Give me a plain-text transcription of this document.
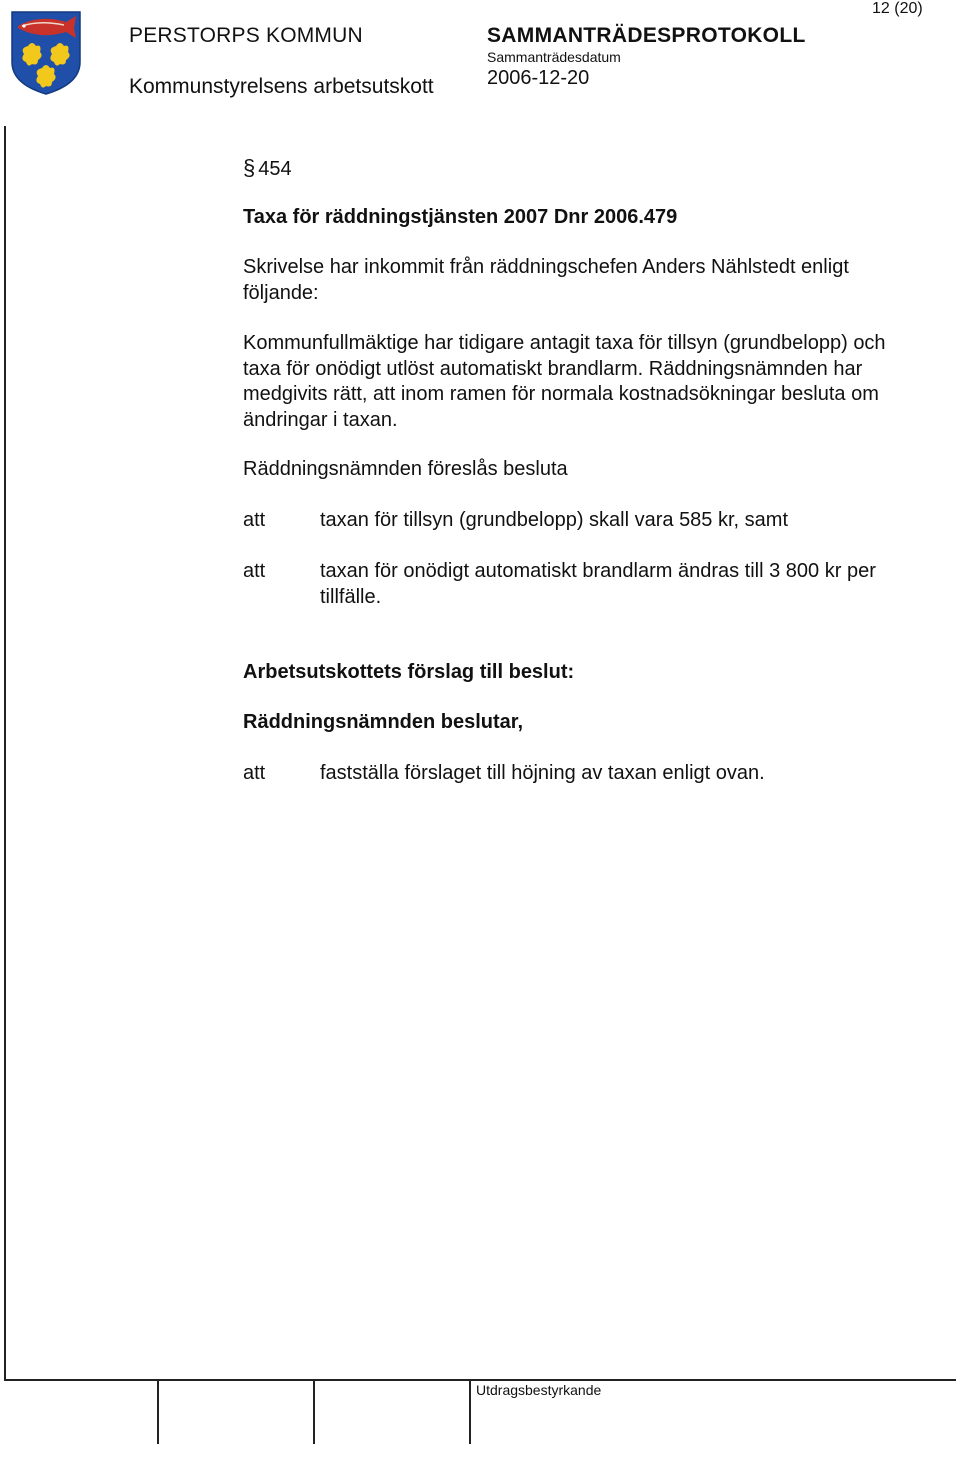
12 (20)
PERSTORPS KOMMUN
Kommunstyrelsens arbetsutskott
SAMMANTRÄDESPROTOKOLL
Sammanträdesdatum
2006-12-20
§ 454
Taxa för räddningstjänsten 2007 Dnr 2006.479
Skrivelse har inkommit från räddningschefen Anders Nählstedt enligt följande:
Kommunfullmäktige har tidigare antagit taxa för tillsyn (grundbelopp) och taxa för onödigt utlöst automatiskt brandlarm. Räddningsnämnden har medgivits rätt, att inom ramen för normala kostnadsökningar besluta om ändringar i taxan.
Räddningsnämnden föreslås besluta
att	taxan för tillsyn (grundbelopp) skall vara 585 kr, samt
att	taxan för onödigt automatiskt brandlarm ändras till 3 800 kr per tillfälle.
Arbetsutskottets förslag till beslut:
Räddningsnämnden beslutar,
att	fastställa förslaget till höjning av taxan enligt ovan.
Utdragsbestyrkande
